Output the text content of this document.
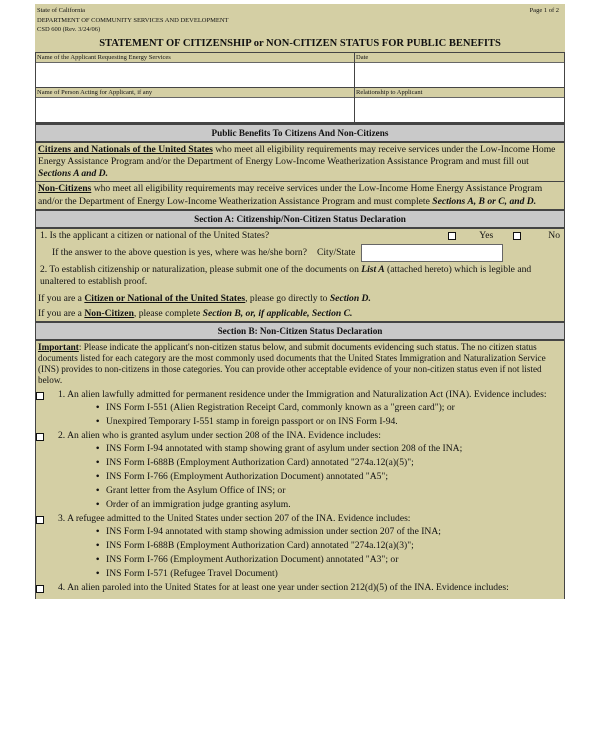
State of California
DEPARTMENT OF COMMUNITY SERVICES AND DEVELOPMENT
CSD 600 (Rev. 3/24/06)
Page 1 of 2
STATEMENT OF CITIZENSHIP or NON-CITIZEN STATUS FOR PUBLIC BENEFITS
Name of the Applicant Requesting Energy Services	Date

Name of Person Acting for Applicant, if any	Relationship to Applicant
Public Benefits To Citizens And Non-Citizens
Citizens and Nationals of the United States who meet all eligibility requirements may receive services under the Low-Income Home Energy Assistance Program and/or the Department of Energy Low-Income Weatherization Assistance Program and must fill out Sections A and D.
Non-Citizens who meet all eligibility requirements may receive services under the Low-Income Home Energy Assistance Program and/or the Department of Energy Low-Income Weatherization Assistance Program and must complete Sections A, B or C, and D.
Section A: Citizenship/Non-Citizen Status Declaration
1. Is the applicant a citizen or national of the United States?	Yes	No
If the answer to the above question is yes, where was he/she born? City/State
2. To establish citizenship or naturalization, please submit one of the documents on List A (attached hereto) which is legible and unaltered to establish proof.
If you are a Citizen or National of the United States, please go directly to Section D.
If you are a Non-Citizen, please complete Section B, or, if applicable, Section C.
Section B: Non-Citizen Status Declaration
Important: Please indicate the applicant's non-citizen status below, and submit documents evidencing such status. The no citizen status documents listed for each category are the most commonly used documents that the United States Immigration and Naturalization Service (INS) provides to non-citizens in those categories. You can provide other acceptable evidence of your non-citizen status even if not listed below.
1. An alien lawfully admitted for permanent residence under the Immigration and Naturalization Act (INA). Evidence includes:
• INS Form I-551 (Alien Registration Receipt Card, commonly known as a "green card"); or
• Unexpired Temporary I-551 stamp in foreign passport or on INS Form I-94.
2. An alien who is granted asylum under section 208 of the INA. Evidence includes:
• INS Form I-94 annotated with stamp showing grant of asylum under section 208 of the INA;
• INS Form I-688B (Employment Authorization Card) annotated "274a.12(a)(5)";
• INS Form I-766 (Employment Authorization Document) annotated "A5";
• Grant letter from the Asylum Office of INS; or
• Order of an immigration judge granting asylum.
3. A refugee admitted to the United States under section 207 of the INA. Evidence includes:
• INS Form I-94 annotated with stamp showing admission under section 207 of the INA;
• INS Form I-688B (Employment Authorization Card) annotated "274a.12(a)(3)";
• INS Form I-766 (Employment Authorization Document) annotated "A3"; or
• INS Form I-571 (Refugee Travel Document)
4. An alien paroled into the United States for at least one year under section 212(d)(5) of the INA. Evidence includes:
